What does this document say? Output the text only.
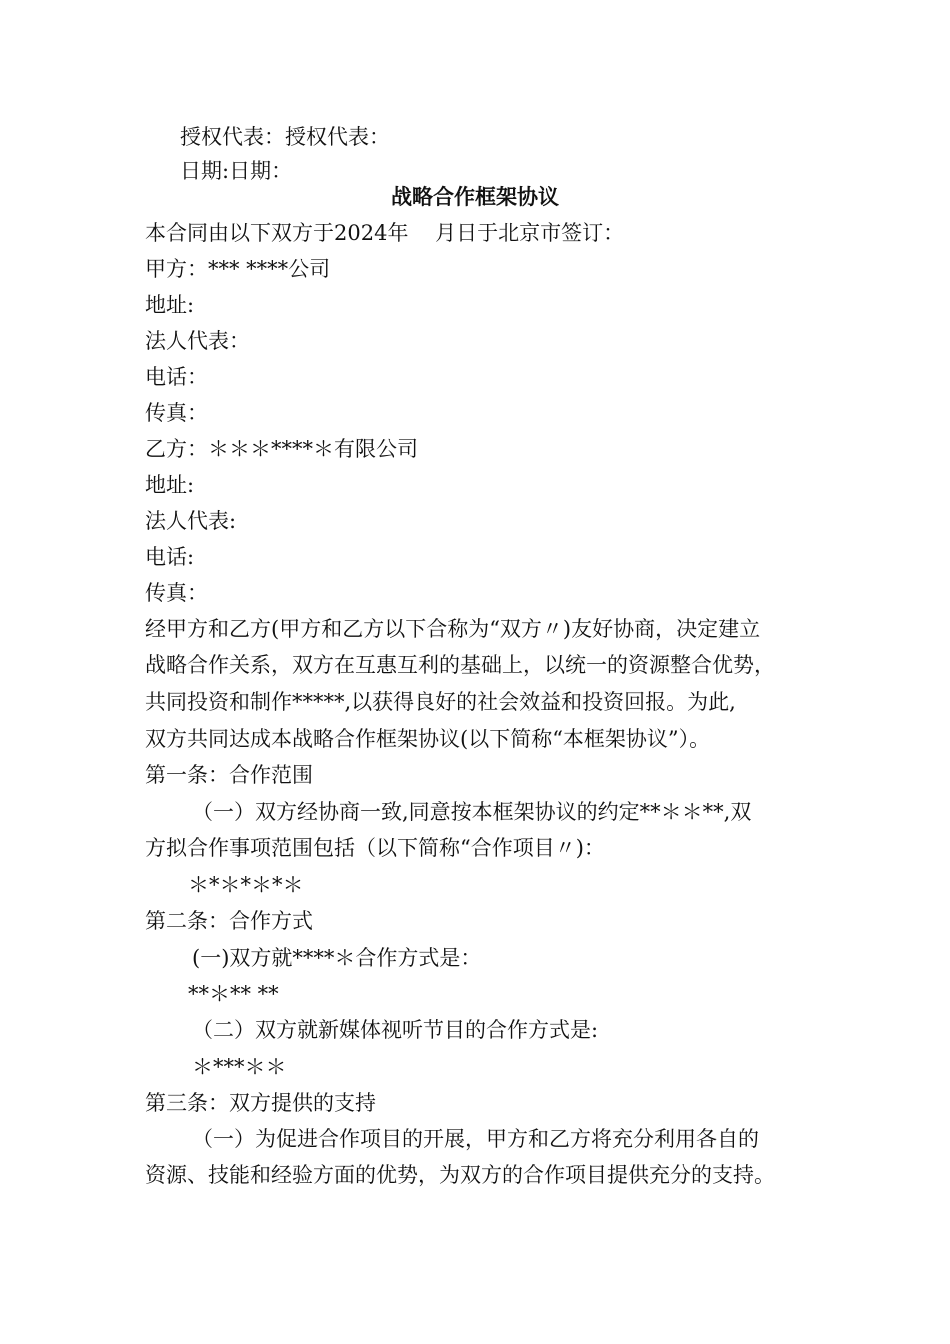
授权代表：授权代表：
日期:日期：
战略合作框架协议
本合同由以下双方于2024年    月日于北京市签订：
甲方：*** ****公司
地址:
法人代表：
电话：
传真：
乙方：＊＊＊****＊有限公司
地址:
法人代表:
电话:
传真：
经甲方和乙方(甲方和乙方以下合称为“双方〃)友好协商，决定建立
战略合作关系，双方在互惠互利的基础上，以统一的资源整合优势，
共同投资和制作*****,以获得良好的社会效益和投资回报。为此,
双方共同达成本战略合作框架协议(以下简称“本框架协议”）。
第一条：合作范围
（一）双方经协商一致,同意按本框架协议的约定**＊＊**,双
方拟合作事项范围包括（以下简称“合作项目〃)：
＊*＊*＊*＊
第二条：合作方式
(一)双方就****＊合作方式是：
**＊** **
（二）双方就新媒体视听节目的合作方式是:
＊***＊＊
第三条：双方提供的支持
（一）为促进合作项目的开展，甲方和乙方将充分利用各自的
资源、技能和经验方面的优势，为双方的合作项目提供充分的支持。
